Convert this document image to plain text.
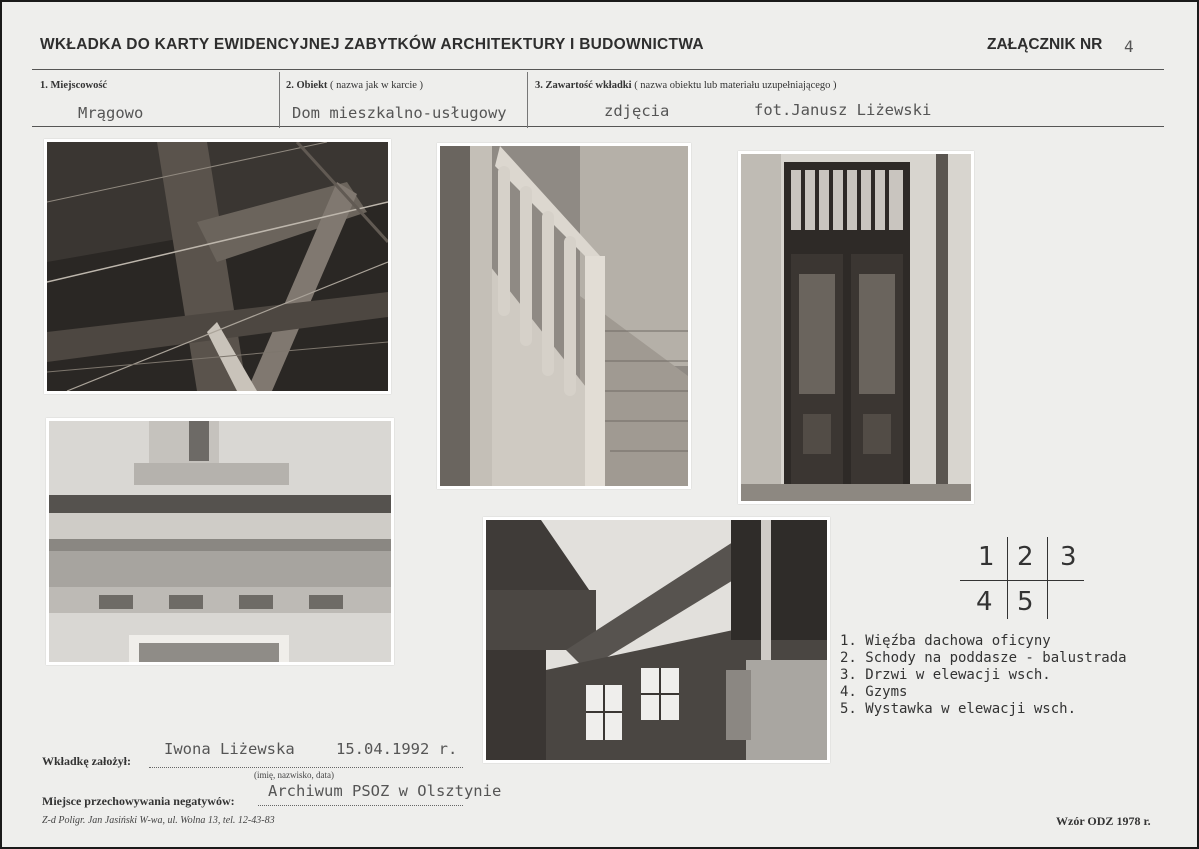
WKŁADKA DO KARTY EWIDENCYJNEJ ZABYTKÓW ARCHITEKTURY I BUDOWNICTWA	ZAŁĄCZNIK NR 4
1. Miejscowość
Mrągowo
2. Obiekt ( nazwa jak w karcie )
Dom mieszkalno-usługowy
3. Zawartość wkładki ( nazwa obiektu lub materiału uzupełniającego )
zdjęcia	fot.Janusz Liżewski
1 2 3
4 5
1. Więźba dachowa oficyny
2. Schody na poddasze - balustrada
3. Drzwi w elewacji wsch.
4. Gzyms
5. Wystawka w elewacji wsch.
Wkładkę założył:
Iwona Liżewska	15.04.1992 r.
(imię, nazwisko, data)
Miejsce przechowywania negatywów:
Archiwum PSOZ w Olsztynie
Z-d Poligr. Jan Jasiński W-wa, ul. Wolna 13, tel. 12-43-83	Wzór ODZ 1978 r.
